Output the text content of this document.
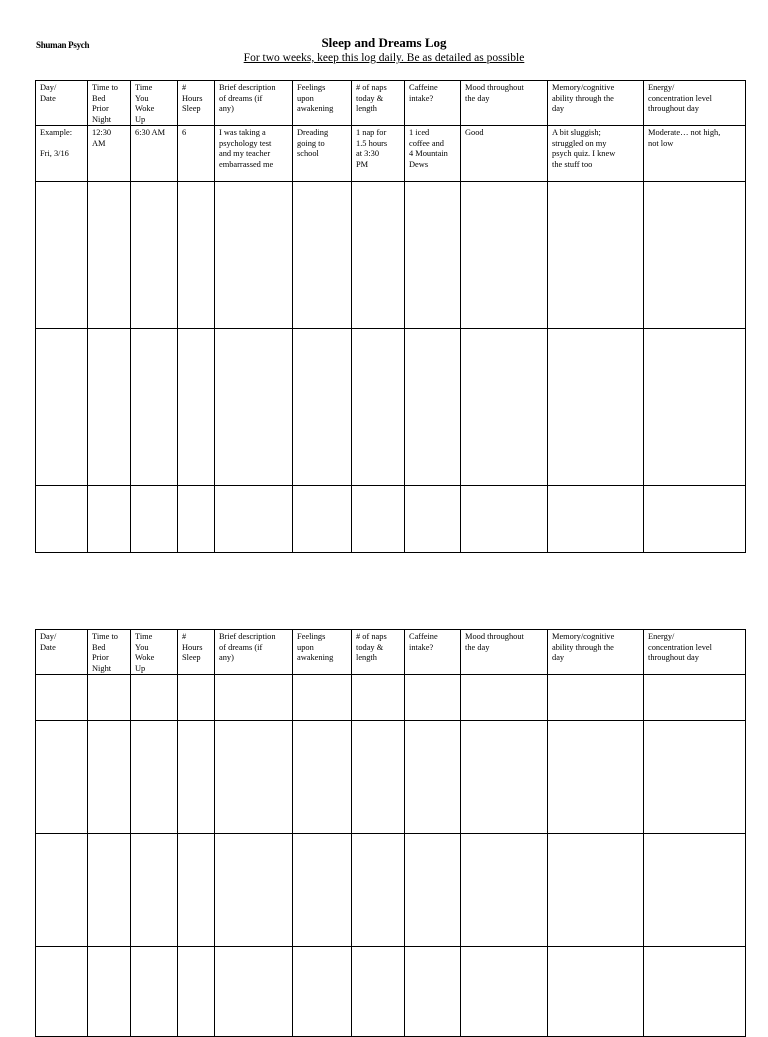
Shuman Psych	Sleep and Dreams Log
For two weeks, keep this log daily. Be as detailed as possible
Day/
Date	Time to
Bed
Prior
Night	Time
You
Woke
Up	#
Hours
Sleep	Brief description
of dreams (if
any)	Feelings
upon
awakening	# of naps
today &
length	Caffeine
intake?	Mood throughout
the day	Memory/cognitive
ability through the
day	Energy/
concentration level
throughout day
Example:

Fri, 3/16	12:30
AM	6:30 AM	6	I was taking a
psychology test
and my teacher
embarrassed me	Dreading
going to
school	1 nap for
1.5 hours
at 3:30
PM	1 iced
coffee and
4 Mountain
Dews	Good	A bit sluggish;
struggled on my
psych quiz. I knew
the stuff too	Moderate… not high,
not low

Day/
Date	Time to
Bed
Prior
Night	Time
You
Woke
Up	#
Hours
Sleep	Brief description
of dreams (if
any)	Feelings
upon
awakening	# of naps
today &
length	Caffeine
intake?	Mood throughout
the day	Memory/cognitive
ability through the
day	Energy/
concentration level
throughout day
